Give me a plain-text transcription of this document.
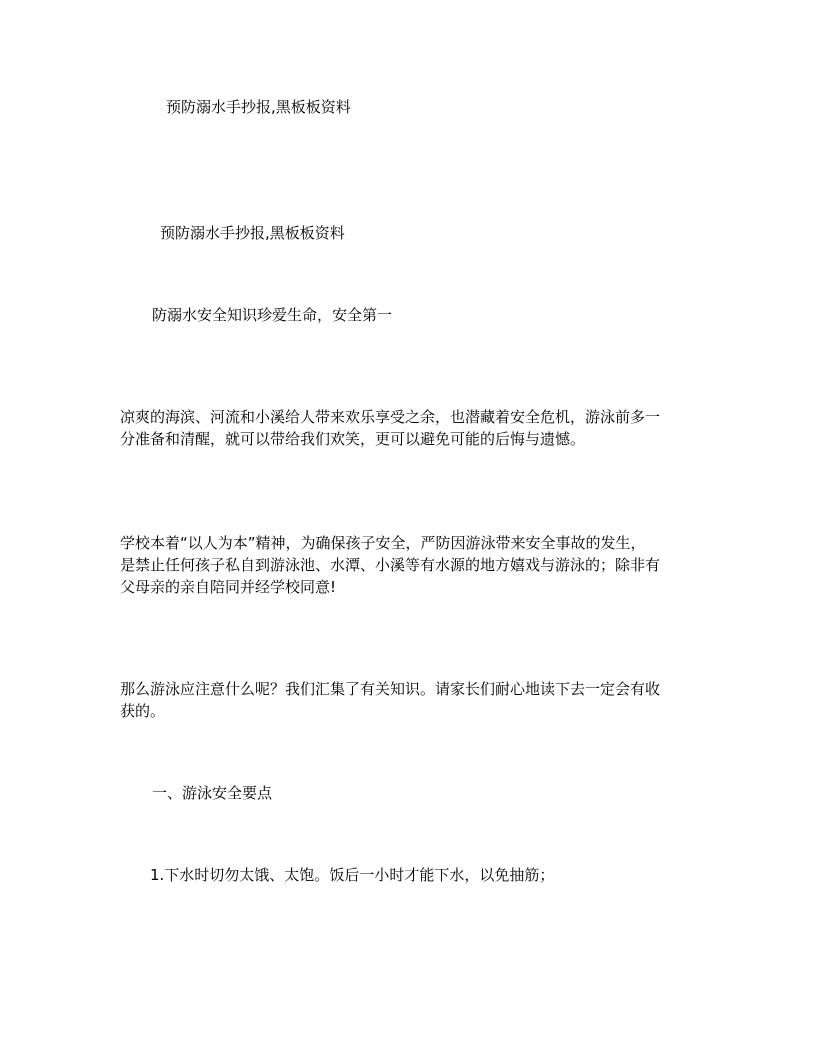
预防溺水手抄报,黑板板资料
预防溺水手抄报,黑板板资料
防溺水安全知识珍爱生命，安全第一
凉爽的海滨、河流和小溪给人带来欢乐享受之余，也潜藏着安全危机，游泳前多一
分准备和清醒，就可以带给我们欢笑，更可以避免可能的后悔与遗憾。
学校本着“以人为本”精神，为确保孩子安全，严防因游泳带来安全事故的发生，
是禁止任何孩子私自到游泳池、水潭、小溪等有水源的地方嬉戏与游泳的；除非有
父母亲的亲自陪同并经学校同意!
那么游泳应注意什么呢？我们汇集了有关知识。请家长们耐心地读下去一定会有收
获的。
一、游泳安全要点
1.下水时切勿太饿、太饱。饭后一小时才能下水，以免抽筋；
